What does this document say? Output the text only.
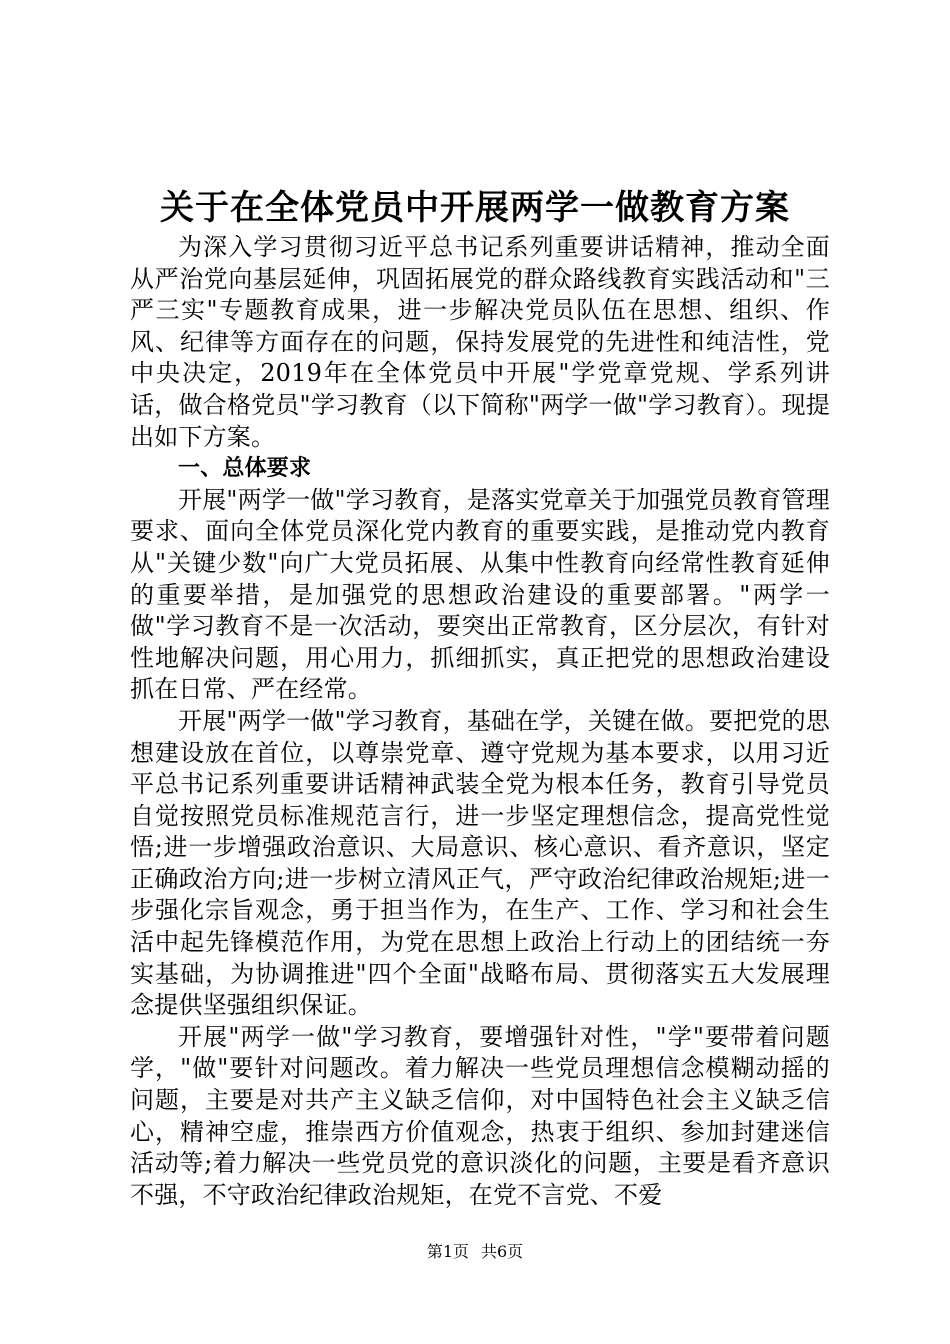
关于在全体党员中开展两学一做教育方案

为深入学习贯彻习近平总书记系列重要讲话精神，推动全面从严治党向基层延伸，巩固拓展党的群众路线教育实践活动和"三严三实"专题教育成果，进一步解决党员队伍在思想、组织、作风、纪律等方面存在的问题，保持发展党的先进性和纯洁性，党中央决定，2019年在全体党员中开展"学党章党规、学系列讲话，做合格党员"学习教育（以下简称"两学一做"学习教育）。现提出如下方案。

一、总体要求

开展"两学一做"学习教育，是落实党章关于加强党员教育管理要求、面向全体党员深化党内教育的重要实践，是推动党内教育从"关键少数"向广大党员拓展、从集中性教育向经常性教育延伸的重要举措，是加强党的思想政治建设的重要部署。"两学一做"学习教育不是一次活动，要突出正常教育，区分层次，有针对性地解决问题，用心用力，抓细抓实，真正把党的思想政治建设抓在日常、严在经常。

开展"两学一做"学习教育，基础在学，关键在做。要把党的思想建设放在首位，以尊崇党章、遵守党规为基本要求，以用习近平总书记系列重要讲话精神武装全党为根本任务，教育引导党员自觉按照党员标准规范言行，进一步坚定理想信念，提高党性觉悟;进一步增强政治意识、大局意识、核心意识、看齐意识，坚定正确政治方向;进一步树立清风正气，严守政治纪律政治规矩;进一步强化宗旨观念，勇于担当作为，在生产、工作、学习和社会生活中起先锋模范作用，为党在思想上政治上行动上的团结统一夯实基础，为协调推进"四个全面"战略布局、贯彻落实五大发展理念提供坚强组织保证。

开展"两学一做"学习教育，要增强针对性，"学"要带着问题学，"做"要针对问题改。着力解决一些党员理想信念模糊动摇的问题，主要是对共产主义缺乏信仰，对中国特色社会主义缺乏信心，精神空虚，推崇西方价值观念，热衷于组织、参加封建迷信活动等;着力解决一些党员党的意识淡化的问题，主要是看齐意识不强，不守政治纪律政治规矩，在党不言党、不爱

第1页 共6页
